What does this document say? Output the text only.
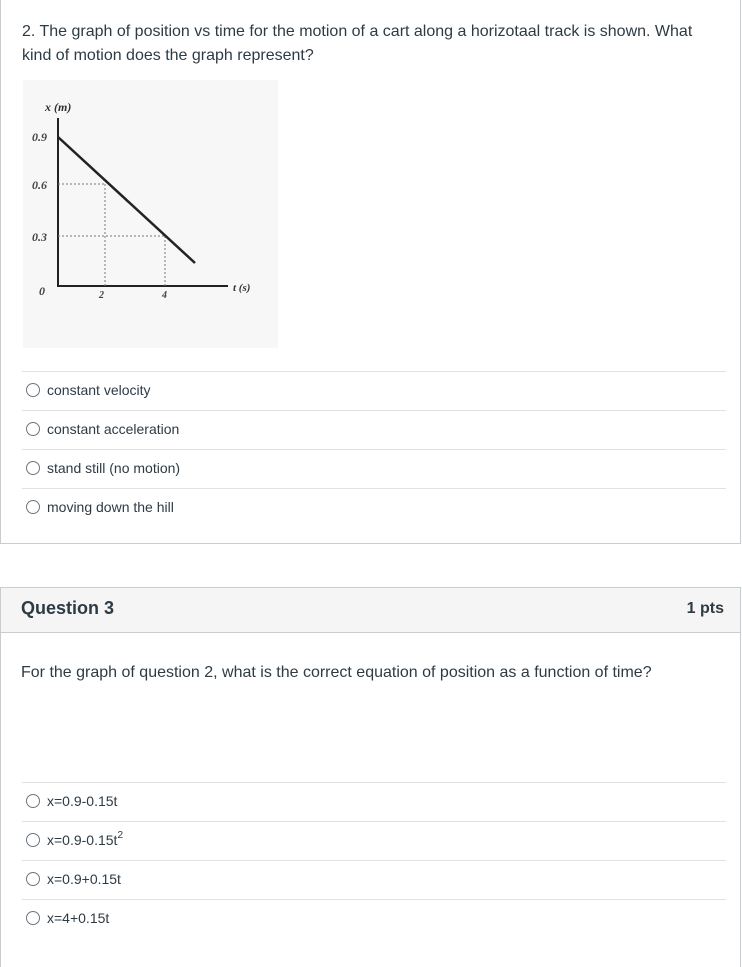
2. The graph of position vs time for the motion of a cart along a horizotaal track is shown. What kind of motion does the graph represent?
x (m)
t (s)
0.9
0.6
0.3
0	2	4
constant velocity
constant acceleration
stand still (no motion)
moving down the hill
Question 3	1 pts
For the graph of question 2, what is the correct equation of position as a function of time?
x=0.9-0.15t
$x=0.9-0.15t^2$
x=0.9+0.15t
x=4+0.15t
